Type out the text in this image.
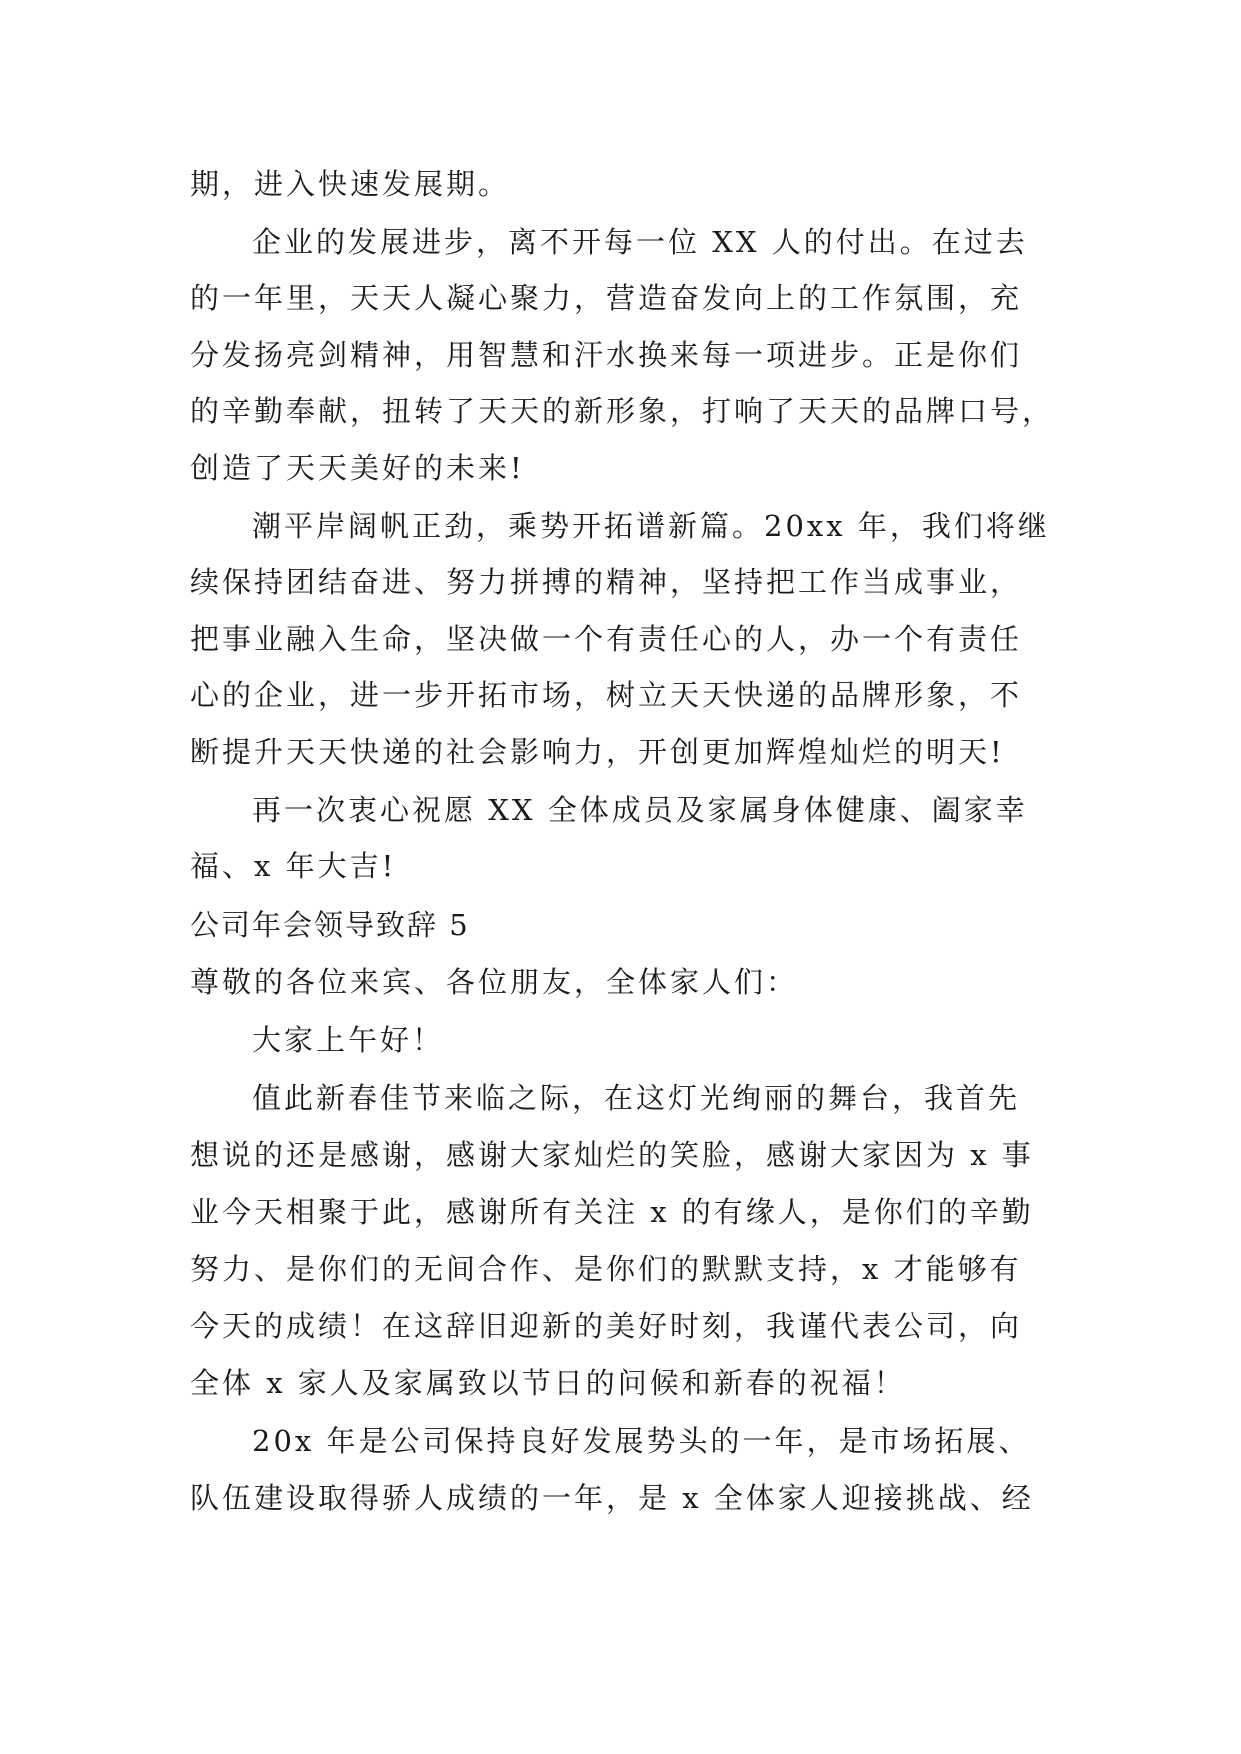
期，进入快速发展期。
企业的发展进步，离不开每一位 XX 人的付出。在过去
的一年里，天天人凝心聚力，营造奋发向上的工作氛围，充
分发扬亮剑精神，用智慧和汗水换来每一项进步。正是你们
的辛勤奉献，扭转了天天的新形象，打响了天天的品牌口号，
创造了天天美好的未来!
潮平岸阔帆正劲，乘势开拓谱新篇。20xx 年，我们将继
续保持团结奋进、努力拼搏的精神，坚持把工作当成事业，
把事业融入生命，坚决做一个有责任心的人，办一个有责任
心的企业，进一步开拓市场，树立天天快递的品牌形象，不
断提升天天快递的社会影响力，开创更加辉煌灿烂的明天!
再一次衷心祝愿 XX 全体成员及家属身体健康、阖家幸
福、x 年大吉!
公司年会领导致辞 5
尊敬的各位来宾、各位朋友，全体家人们：
大家上午好！
值此新春佳节来临之际，在这灯光绚丽的舞台，我首先
想说的还是感谢，感谢大家灿烂的笑脸，感谢大家因为 x 事
业今天相聚于此，感谢所有关注 x 的有缘人，是你们的辛勤
努力、是你们的无间合作、是你们的默默支持，x 才能够有
今天的成绩！在这辞旧迎新的美好时刻，我谨代表公司，向
全体 x 家人及家属致以节日的问候和新春的祝福！
20x 年是公司保持良好发展势头的一年，是市场拓展、
队伍建设取得骄人成绩的一年，是 x 全体家人迎接挑战、经
